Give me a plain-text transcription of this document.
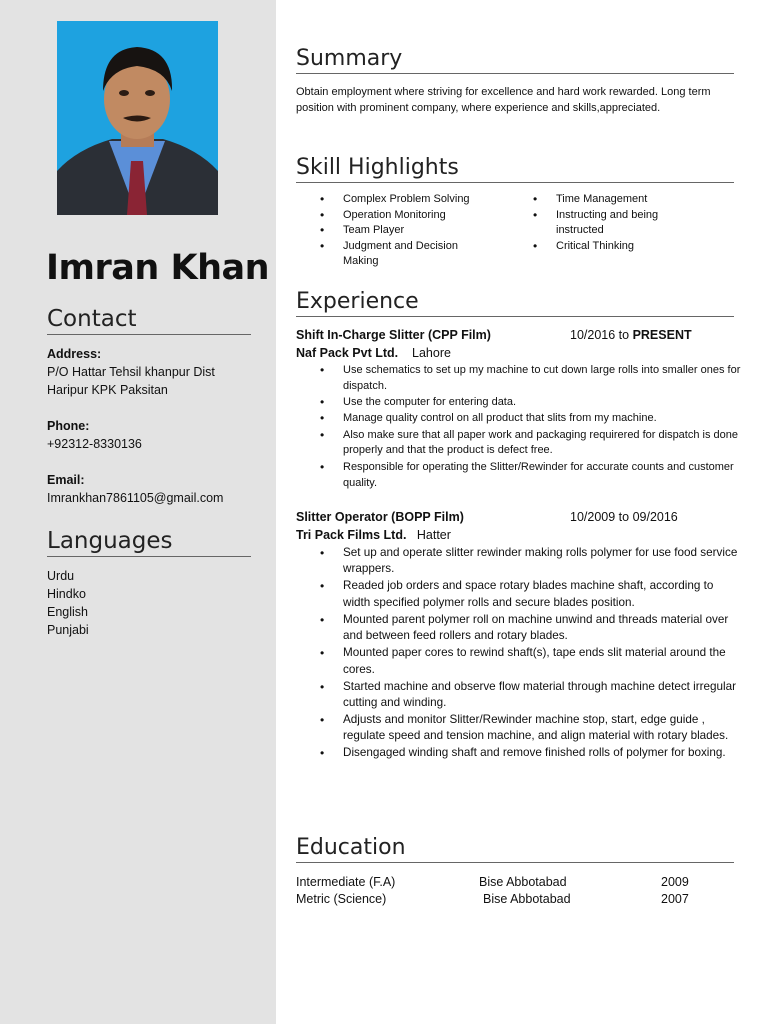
Imran Khan
Contact
Address:
P/O Hattar Tehsil khanpur Dist
Haripur KPK Paksitan
Phone:
+92312-8330136
Email:
Imrankhan7861105@gmail.com
Languages
Urdu
Hindko
English
Punjabi
Summary
Obtain employment where striving for excellence and hard work rewarded. Long term position with prominent company, where experience and skills,appreciated.
Skill Highlights
• Complex Problem Solving
• Operation Monitoring
• Team Player
• Judgment and Decision Making
• Time Management
• Instructing and being instructed
• Critical Thinking
Experience
Shift In-Charge Slitter (CPP Film)	10/2016 to PRESENT
Naf Pack Pvt Ltd. Lahore
• Use schematics to set up my machine to cut down large rolls into smaller ones for dispatch.
• Use the computer for entering data.
• Manage quality control on all product that slits from my machine.
• Also make sure that all paper work and packaging requirered for dispatch is done properly and that the product is defect free.
• Responsible for operating the Slitter/Rewinder for accurate counts and customer quality.
Slitter Operator (BOPP Film)	10/2009 to 09/2016
Tri Pack Films Ltd. Hatter
• Set up and operate slitter rewinder making rolls polymer for use food service wrappers.
• Readed job orders and space rotary blades machine shaft, according to width specified polymer rolls and secure blades position.
• Mounted parent polymer roll on machine unwind and threads material over and between feed rollers and rotary blades.
• Mounted paper cores to rewind shaft(s), tape ends slit material around the cores.
• Started machine and observe flow material through machine detect irregular cutting and winding.
• Adjusts and monitor Slitter/Rewinder machine stop, start, edge guide , regulate speed and tension machine, and align material with rotary blades.
• Disengaged winding shaft and remove finished rolls of polymer for boxing.
Education
Intermediate (F.A)	Bise Abbotabad	2009
Metric (Science)	Bise Abbotabad	2007
